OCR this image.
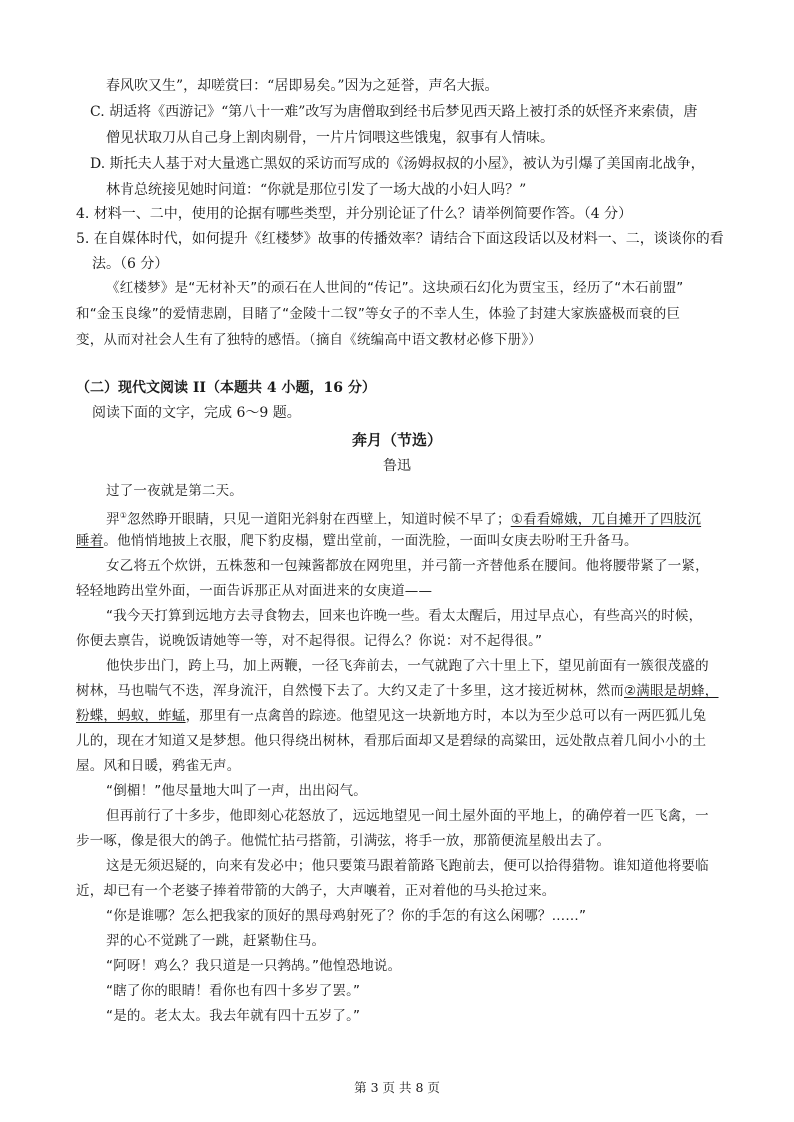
春风吹又生”，却嗟赏曰：“居即易矣。”因为之延誉，声名大振。
C. 胡适将《西游记》“第八十一难”改写为唐僧取到经书后梦见西天路上被打杀的妖怪齐来索债，唐
僧见状取刀从自己身上割肉剔骨，一片片饲喂这些饿鬼，叙事有人情味。
D. 斯托夫人基于对大量逃亡黑奴的采访而写成的《汤姆叔叔的小屋》，被认为引爆了美国南北战争，
林肯总统接见她时问道：“你就是那位引发了一场大战的小妇人吗？”
4. 材料一、二中，使用的论据有哪些类型，并分别论证了什么？请举例简要作答。（4 分）
5. 在自媒体时代，如何提升《红楼梦》故事的传播效率？请结合下面这段话以及材料一、二，谈谈你的看
法。（6 分）
《红楼梦》是“无材补天”的顽石在人世间的“传记”。这块顽石幻化为贾宝玉，经历了“木石前盟”
和“金玉良缘”的爱情悲剧，目睹了“金陵十二钗”等女子的不幸人生，体验了封建大家族盛极而衰的巨
变，从而对社会人生有了独特的感悟。（摘自《统编高中语文教材必修下册》）
（二）现代文阅读 II（本题共 4 小题，16 分）
阅读下面的文字，完成 6～9 题。
奔月（节选）
鲁迅
过了一夜就是第二天。
羿①忽然睁开眼睛，只见一道阳光斜射在西壁上，知道时候不早了；①看看嫦娥，兀自摊开了四肢沉
睡着。他悄悄地披上衣服，爬下豹皮榻，躄出堂前，一面洗脸，一面叫女庚去吩咐王升备马。
女乙将五个炊饼，五株葱和一包辣酱都放在网兜里，并弓箭一齐替他系在腰间。他将腰带紧了一紧，
轻轻地跨出堂外面，一面告诉那正从对面进来的女庚道——
“我今天打算到远地方去寻食物去，回来也许晚一些。看太太醒后，用过早点心，有些高兴的时候，
你便去禀告，说晚饭请她等一等，对不起得很。记得么？你说：对不起得很。”
他快步出门，跨上马，加上两鞭，一径飞奔前去，一气就跑了六十里上下，望见前面有一簇很茂盛的
树林，马也喘气不迭，浑身流汗，自然慢下去了。大约又走了十多里，这才接近树林，然而②满眼是胡蜂，
粉蝶，蚂蚁，蚱蜢，那里有一点禽兽的踪迹。他望见这一块新地方时，本以为至少总可以有一两匹狐儿兔
儿的，现在才知道又是梦想。他只得绕出树林，看那后面却又是碧绿的高粱田，远处散点着几间小小的土
屋。风和日暖，鸦雀无声。
“倒楣！”他尽量地大叫了一声，出出闷气。
但再前行了十多步，他即刻心花怒放了，远远地望见一间土屋外面的平地上，的确停着一匹飞禽，一
步一啄，像是很大的鸽子。他慌忙拈弓搭箭，引满弦，将手一放，那箭便流星般出去了。
这是无须迟疑的，向来有发必中；他只要策马跟着箭路飞跑前去，便可以拾得猎物。谁知道他将要临
近，却已有一个老婆子捧着带箭的大鸽子，大声嚷着，正对着他的马头抢过来。
“你是谁哪？怎么把我家的顶好的黑母鸡射死了？你的手怎的有这么闲哪？……”
羿的心不觉跳了一跳，赶紧勒住马。
“阿呀！鸡么？我只道是一只鹁鸪。”他惶恐地说。
“瞎了你的眼睛！看你也有四十多岁了罢。”
“是的。老太太。我去年就有四十五岁了。”
第 3 页 共 8 页
